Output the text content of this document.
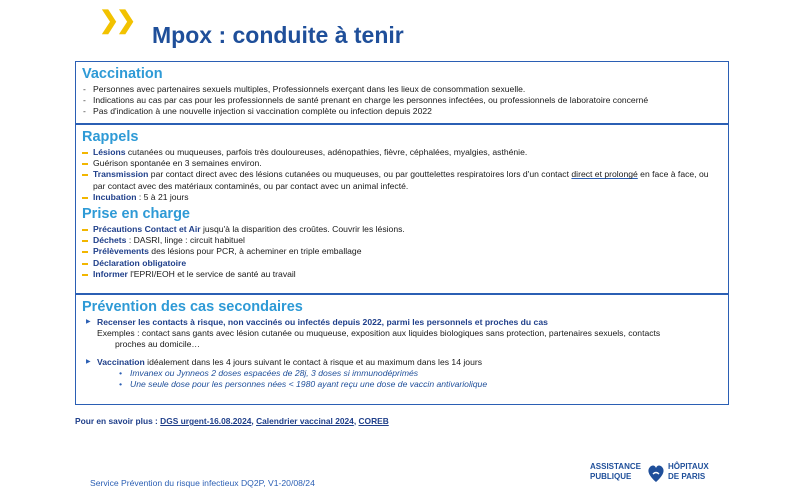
❯❯
Mpox : conduite à tenir
Vaccination
- Personnes avec partenaires sexuels multiples, Professionnels exerçant dans les lieux de consommation sexuelle.
- Indications au cas par cas pour les professionnels de santé prenant en charge les personnes infectées, ou professionnels de laboratoire concerné
- Pas d'indication à une nouvelle injection si vaccination complète ou infection depuis 2022
Rappels
Lésions cutanées ou muqueuses, parfois très douloureuses, adénopathies, fièvre, céphalées, myalgies, asthénie.
Guérison spontanée en 3 semaines environ.
Transmission par contact direct avec des lésions cutanées ou muqueuses, ou par gouttelettes respiratoires lors d'un contact direct et prolongé en face à face, ou par contact avec des matériaux contaminés, ou par contact avec un animal infecté.
Incubation : 5 à 21 jours
Prise en charge
Précautions Contact et Air jusqu'à la disparition des croûtes. Couvrir les lésions.
Déchets : DASRI, linge : circuit habituel
Prélèvements des lésions pour PCR, à acheminer en triple emballage
Déclaration obligatoire
Informer l'EPRI/EOH et le service de santé au travail
Prévention des cas secondaires
▶ Recenser les contacts à risque, non vaccinés ou infectés depuis 2022, parmi les personnels et proches du cas
Exemples : contact sans gants avec lésion cutanée ou muqueuse, exposition aux liquides biologiques sans protection, partenaires sexuels, contacts
proches au domicile…
▶ Vaccination idéalement dans les 4 jours suivant le contact à risque et au maximum dans les 14 jours
• Imvanex ou Jynneos 2 doses espacées de 28j, 3 doses si immunodéprimés
• Une seule dose pour les personnes nées < 1980 ayant reçu une dose de vaccin antivariolique
Pour en savoir plus : DGS urgent-16.08.2024, Calendrier vaccinal 2024, COREB
Service Prévention du risque infectieux DQ2P, V1-20/08/24
ASSISTANCE
PUBLIQUE
HÔPITAUX
DE PARIS
